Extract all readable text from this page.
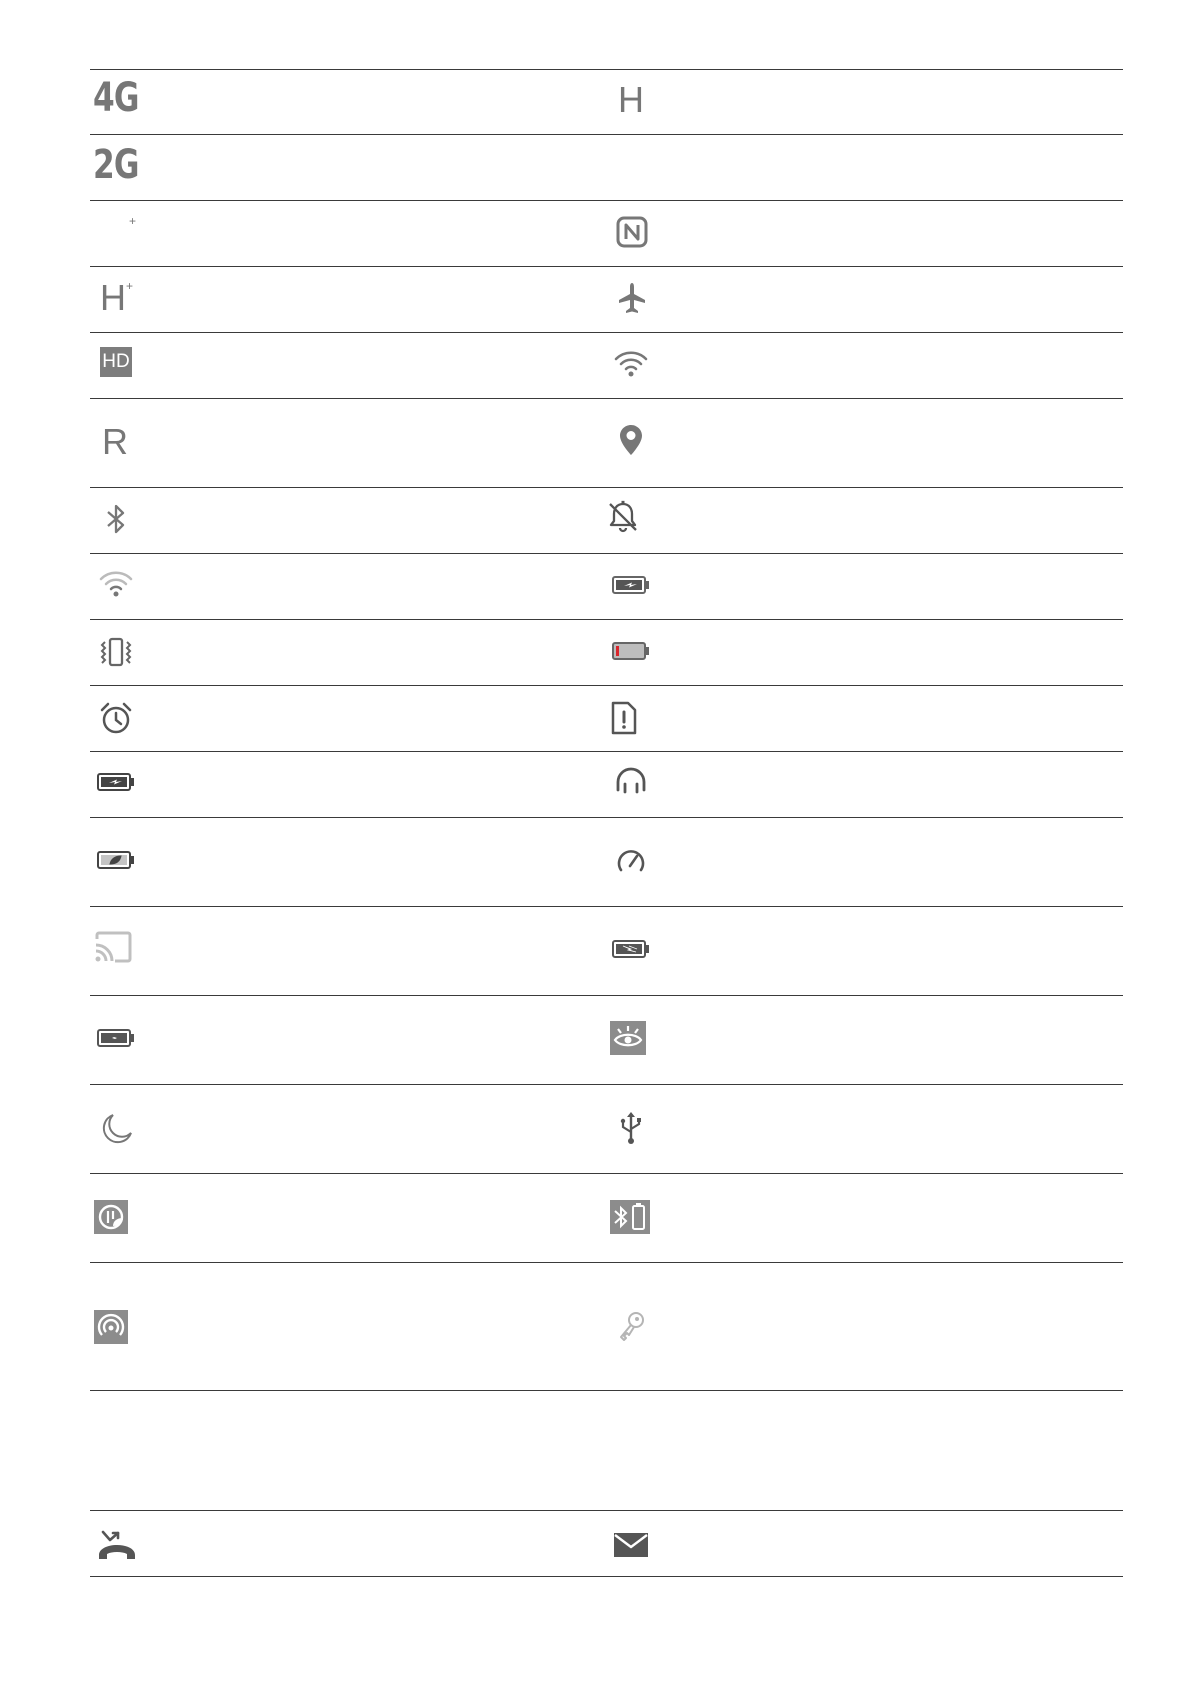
4G	H
2G
+
H +
HD
R
